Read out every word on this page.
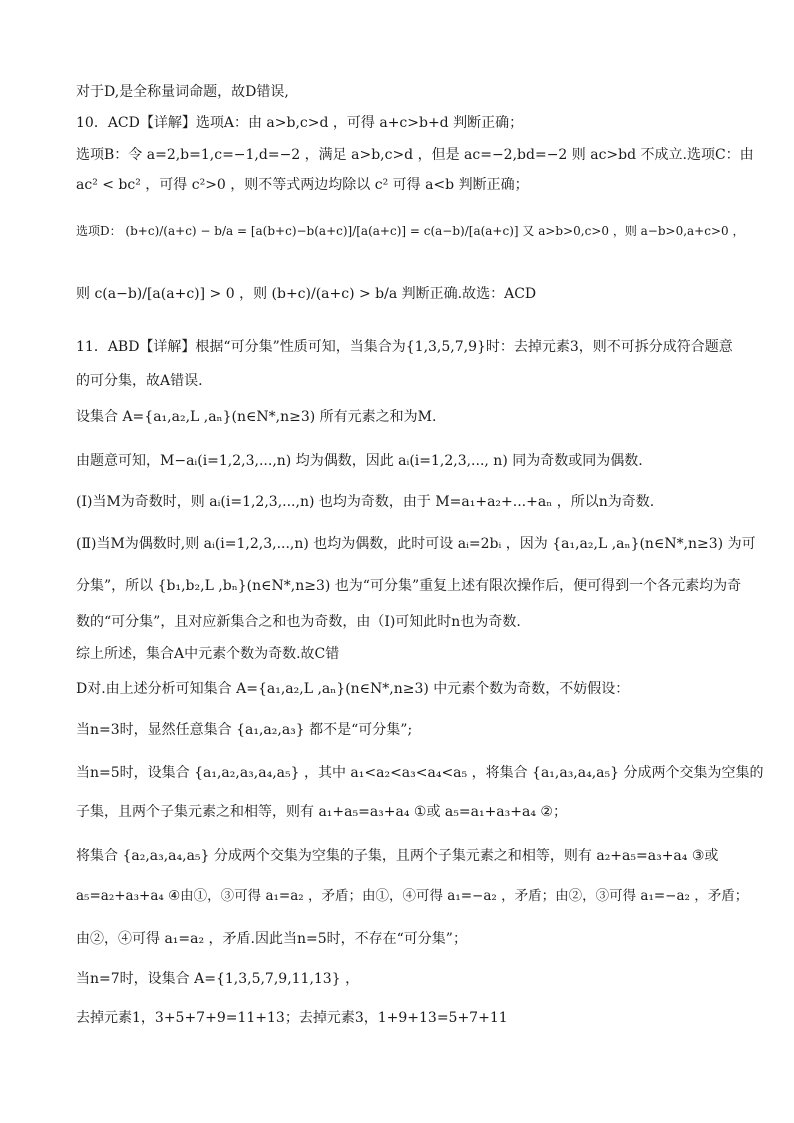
对于D,是全称量词命题，故D错误,
10．ACD【详解】选项A：由 a>b,c>d ，可得 a+c>b+d 判断正确；
选项B：令 a=2,b=1,c=−1,d=−2 ，满足 a>b,c>d ，但是 ac=−2,bd=−2 则 ac>bd 不成立.选项C：由
ac² < bc² ，可得 c²>0 ，则不等式两边均除以 c² 可得 a<b 判断正确；
选项D： (b+c)/(a+c) − b/a = [a(b+c)−b(a+c)]/[a(a+c)] = c(a−b)/[a(a+c)] 又 a>b>0,c>0 ，则 a−b>0,a+c>0 ，
则 c(a−b)/[a(a+c)] > 0 ，则 (b+c)/(a+c) > b/a 判断正确.故选：ACD
11．ABD【详解】根据“可分集”性质可知，当集合为{1,3,5,7,9}时：去掉元素3，则不可拆分成符合题意
的可分集，故A错误.
设集合 A={a₁,a₂,L ,aₙ}(n∈N*,n≥3) 所有元素之和为M.
由题意可知，M−aᵢ(i=1,2,3,...,n) 均为偶数，因此 aᵢ(i=1,2,3,..., n) 同为奇数或同为偶数.
(Ⅰ)当M为奇数时，则 aᵢ(i=1,2,3,...,n) 也均为奇数，由于 M=a₁+a₂+...+aₙ ，所以n为奇数.
(Ⅱ)当M为偶数时,则 aᵢ(i=1,2,3,...,n) 也均为偶数，此时可设 aᵢ=2bᵢ ，因为 {a₁,a₂,L ,aₙ}(n∈N*,n≥3) 为可
分集”，所以 {b₁,b₂,L ,bₙ}(n∈N*,n≥3) 也为“可分集”重复上述有限次操作后，便可得到一个各元素均为奇
数的“可分集”，且对应新集合之和也为奇数，由（Ⅰ)可知此时n也为奇数.
综上所述，集合A中元素个数为奇数.故C错
D对.由上述分析可知集合 A={a₁,a₂,L ,aₙ}(n∈N*,n≥3) 中元素个数为奇数，不妨假设：
当n=3时，显然任意集合 {a₁,a₂,a₃} 都不是“可分集”;
当n=5时，设集合 {a₁,a₂,a₃,a₄,a₅} ，其中 a₁<a₂<a₃<a₄<a₅ ，将集合 {a₁,a₃,a₄,a₅} 分成两个交集为空集的
子集，且两个子集元素之和相等，则有 a₁+a₅=a₃+a₄ ①或 a₅=a₁+a₃+a₄ ②；
将集合 {a₂,a₃,a₄,a₅} 分成两个交集为空集的子集，且两个子集元素之和相等，则有 a₂+a₅=a₃+a₄ ③或
a₅=a₂+a₃+a₄ ④由①，③可得 a₁=a₂ ，矛盾；由①，④可得 a₁=−a₂ ，矛盾；由②，③可得 a₁=−a₂ ，矛盾；
由②，④可得 a₁=a₂ ，矛盾.因此当n=5时，不存在“可分集”；
当n=7时，设集合 A={1,3,5,7,9,11,13} ，
去掉元素1，3+5+7+9=11+13；去掉元素3，1+9+13=5+7+11
